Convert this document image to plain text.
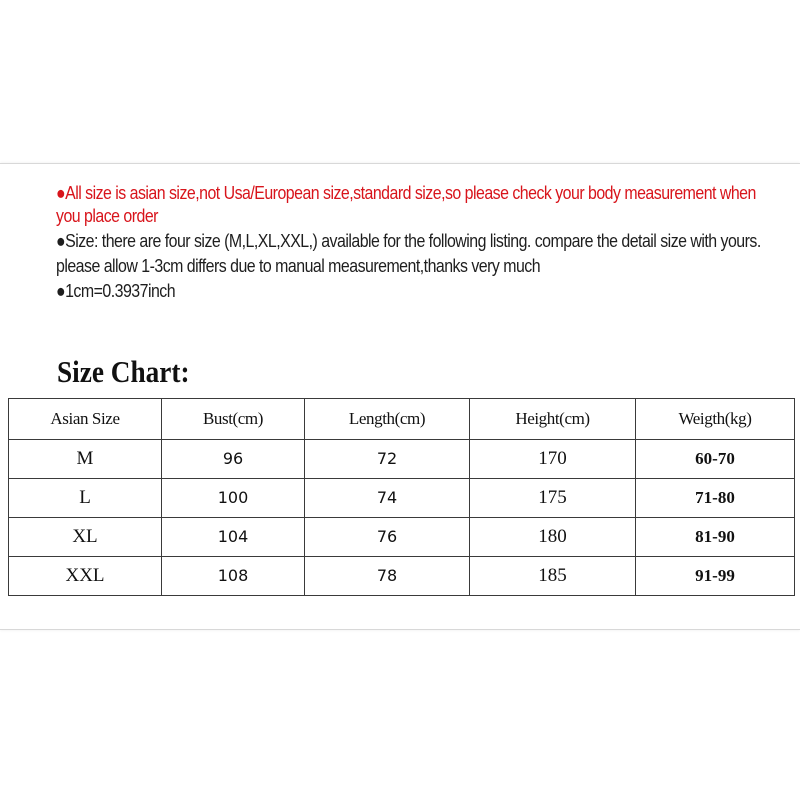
●All size is asian size,not Usa/European size,standard size,so please check your body measurement when
you place order
●Size: there are four size (M,L,XL,XXL,) available for the following listing. compare the detail size with yours.
please allow 1-3cm differs due to manual measurement,thanks very much
●1cm=0.3937inch
Size Chart:
Asian Size	Bust(cm)	Length(cm)	Height(cm)	Weigth(kg)
M	96	72	170	60-70
L	100	74	175	71-80
XL	104	76	180	81-90
XXL	108	78	185	91-99
